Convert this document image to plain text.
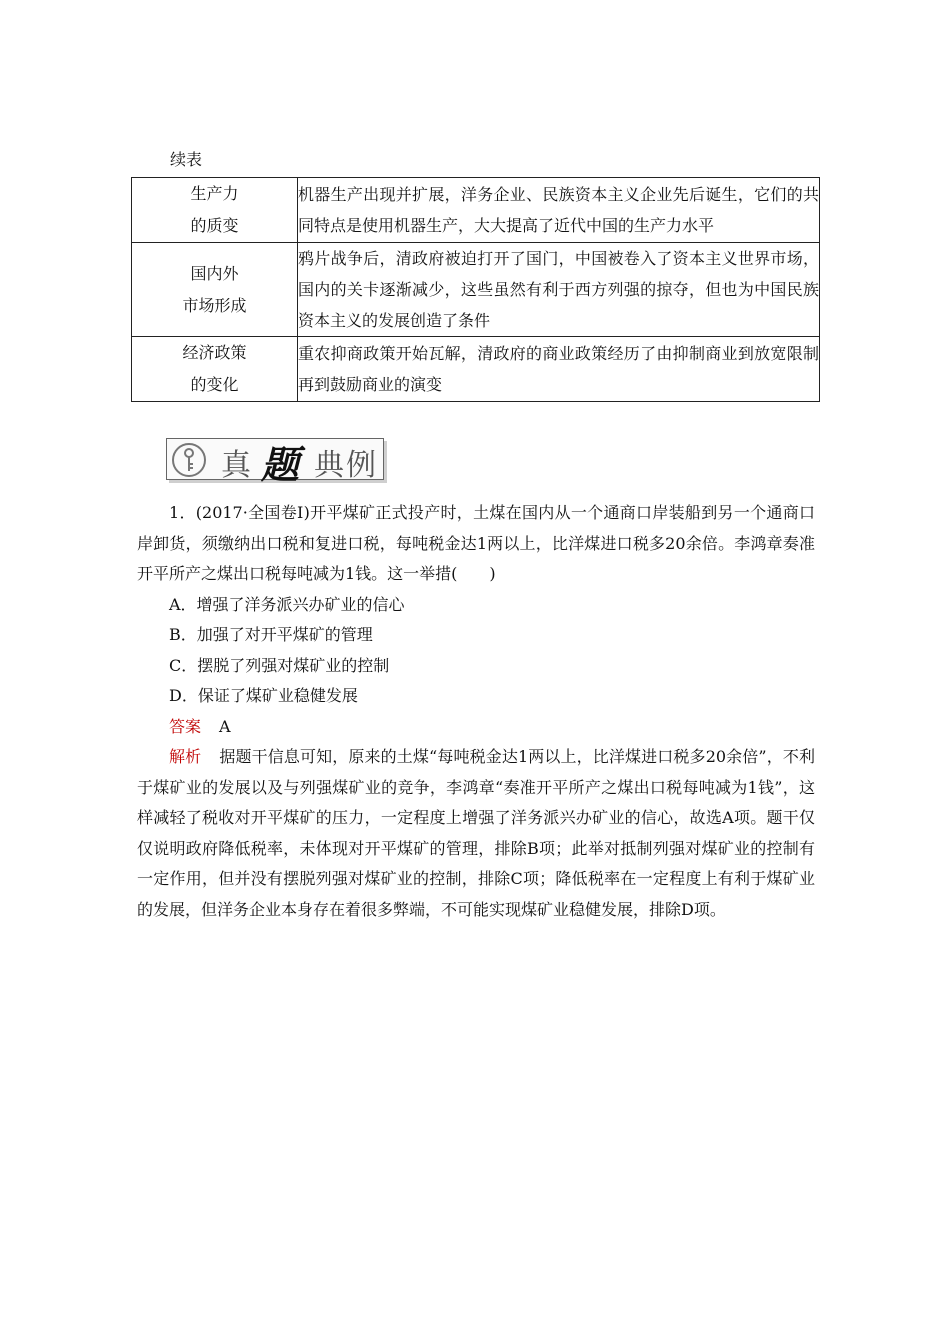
续表
生产力
的质变	机器生产出现并扩展，洋务企业、民族资本主义企业先后诞生，它们的共同特点是使用机器生产，大大提高了近代中国的生产力水平

国内外
市场形成	鸦片战争后，清政府被迫打开了国门，中国被卷入了资本主义世界市场，国内的关卡逐渐减少，这些虽然有利于西方列强的掠夺，但也为中国民族资本主义的发展创造了条件

经济政策
的变化	重农抑商政策开始瓦解，清政府的商业政策经历了由抑制商业到放宽限制再到鼓励商业的演变
真 题 典 例

1．(2017·全国卷Ⅰ)开平煤矿正式投产时，土煤在国内从一个通商口岸装船到另一个通商口岸卸货，须缴纳出口税和复进口税，每吨税金达1两以上，比洋煤进口税多20余倍。李鸿章奏准开平所产之煤出口税每吨减为1钱。这一举措(　　)

A．增强了洋务派兴办矿业的信心

B．加强了对开平煤矿的管理

C．摆脱了列强对煤矿业的控制

D．保证了煤矿业稳健发展

答案 A

解析 据题干信息可知，原来的土煤“每吨税金达1两以上，比洋煤进口税多20余倍”，不利于煤矿业的发展以及与列强煤矿业的竞争，李鸿章“奏准开平所产之煤出口税每吨减为1钱”，这样减轻了税收对开平煤矿的压力，一定程度上增强了洋务派兴办矿业的信心，故选A项。题干仅仅说明政府降低税率，未体现对开平煤矿的管理，排除B项；此举对抵制列强对煤矿业的控制有一定作用，但并没有摆脱列强对煤矿业的控制，排除C项；降低税率在一定程度上有利于煤矿业的发展，但洋务企业本身存在着很多弊端，不可能实现煤矿业稳健发展，排除D项。
